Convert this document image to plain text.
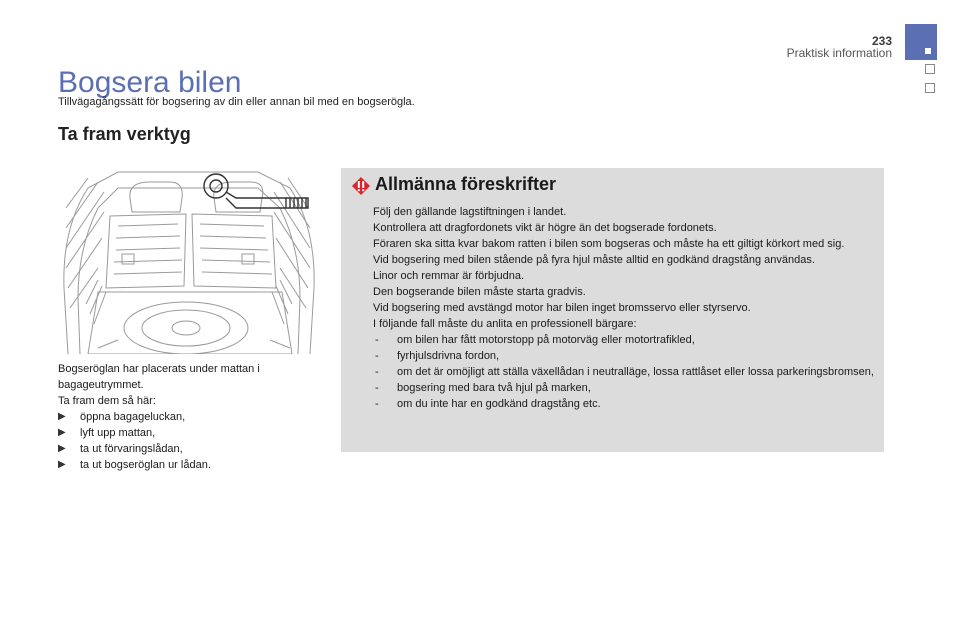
233
Praktisk information
Bogsera bilen
Tillvägagångssätt för bogsering av din eller annan bil med en bogserögla.
Ta fram verktyg

Bogseröglan har placerats under mattan i bagageutrymmet.

Ta fram dem så här:

▶ öppna bagageluckan,
▶ lyft upp mattan,
▶ ta ut förvaringslådan,
▶ ta ut bogseröglan ur lådan.
Allmänna föreskrifter

Följ den gällande lagstiftningen i landet.

Kontrollera att dragfordonets vikt är högre än det bogserade fordonets.

Föraren ska sitta kvar bakom ratten i bilen som bogseras och måste ha ett giltigt körkort med sig.

Vid bogsering med bilen stående på fyra hjul måste alltid en godkänd dragstång användas.

Linor och remmar är förbjudna.

Den bogserande bilen måste starta gradvis.

Vid bogsering med avstängd motor har bilen inget bromsservo eller styrservo.

I följande fall måste du anlita en professionell bärgare:

- om bilen har fått motorstopp på motorväg eller motortrafikled,
- fyrhjulsdrivna fordon,
- om det är omöjligt att ställa växellådan i neutralläge, lossa rattlåset eller lossa parkeringsbromsen,
- bogsering med bara två hjul på marken,
- om du inte har en godkänd dragstång etc.
